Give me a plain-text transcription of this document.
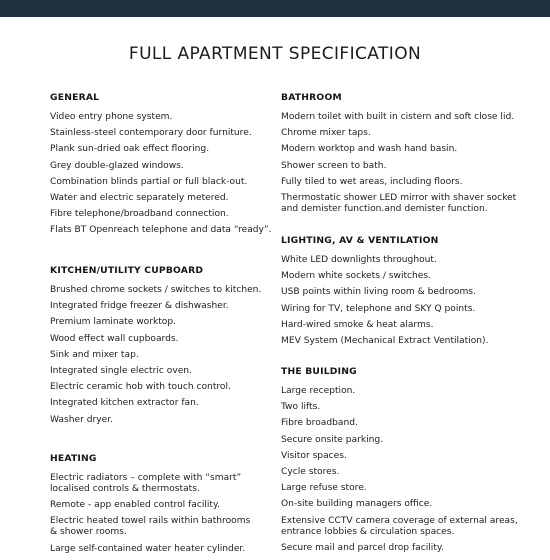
FULL APARTMENT SPECIFICATION
GENERAL
Video entry phone system.
Stainless-steel contemporary door furniture.
Plank sun-dried oak effect flooring.
Grey double-glazed windows.
Combination blinds partial or full black-out.
Water and electric separately metered.
Fibre telephone/broadband connection.
Flats BT Openreach telephone and data “ready”.
KITCHEN/UTILITY CUPBOARD
Brushed chrome sockets / switches to kitchen.
Integrated fridge freezer & dishwasher.
Premium laminate worktop.
Wood effect wall cupboards.
Sink and mixer tap.
Integrated single electric oven.
Electric ceramic hob with touch control.
Integrated kitchen extractor fan.
Washer dryer.
HEATING
Electric radiators – complete with “smart”
localised controls & thermostats.
Remote - app enabled control facility.
Electric heated towel rails within bathrooms
& shower rooms.
Large self-contained water heater cylinder.
BATHROOM
Modern toilet with built in cistern and soft close lid.
Chrome mixer taps.
Modern worktop and wash hand basin.
Shower screen to bath.
Fully tiled to wet areas, including floors.
Thermostatic shower LED mirror with shaver socket
and demister function.and demister function.
LIGHTING, AV & VENTILATION
White LED downlights throughout.
Modern white sockets / switches.
USB points within living room & bedrooms.
Wiring for TV, telephone and SKY Q points.
Hard-wired smoke & heat alarms.
MEV System (Mechanical Extract Ventilation).
THE BUILDING
Large reception.
Two lifts.
Fibre broadband.
Secure onsite parking.
Visitor spaces.
Cycle stores.
Large refuse store.
On-site building managers office.
Extensive CCTV camera coverage of external areas,
entrance lobbies & circulation spaces.
Secure mail and parcel drop facility.
